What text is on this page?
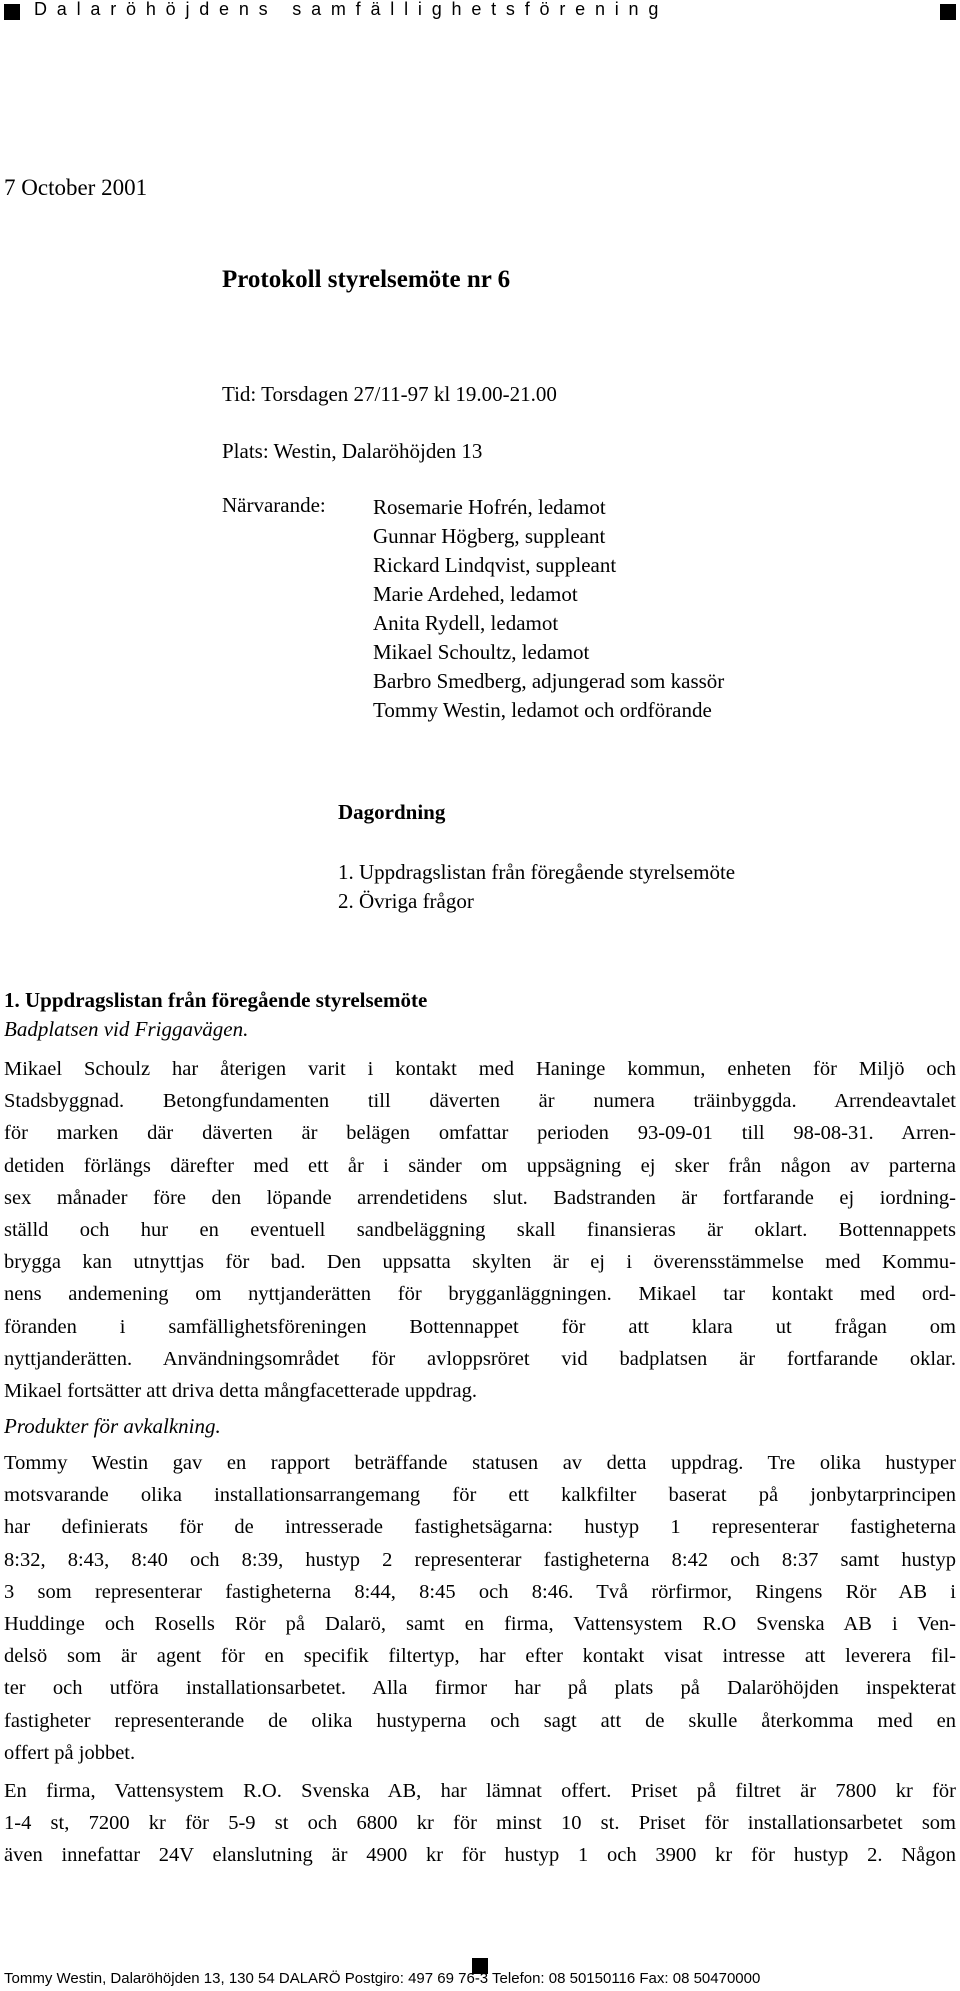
Dalaröhöjdens samfällighetsförening
7 October 2001
Protokoll styrelsemöte nr 6
Tid: Torsdagen 27/11-97 kl 19.00-21.00
Plats: Westin, Dalaröhöjden 13
Närvarande: Rosemarie Hofrén, ledamot
Gunnar Högberg, suppleant
Rickard Lindqvist, suppleant
Marie Ardehed, ledamot
Anita Rydell, ledamot
Mikael Schoultz, ledamot
Barbro Smedberg, adjungerad som kassör
Tommy Westin, ledamot och ordförande
Dagordning
1. Uppdragslistan från föregående styrelsemöte
2. Övriga frågor
1. Uppdragslistan från föregående styrelsemöte
Badplatsen vid Friggavägen.
Mikael Schoulz har återigen varit i kontakt med Haninge kommun, enheten för Miljö och
Stadsbyggnad. Betongfundamenten till däverten är numera träinbyggda. Arrendeavtalet
för marken där däverten är belägen omfattar perioden 93-09-01 till 98-08-31. Arren-
detiden förlängs därefter med ett år i sänder om uppsägning ej sker från någon av parterna
sex månader före den löpande arrendetidens slut. Badstranden är fortfarande ej iordning-
ställd och hur en eventuell sandbeläggning skall finansieras är oklart. Bottennappets
brygga kan utnyttjas för bad. Den uppsatta skylten är ej i överensstämmelse med Kommu-
nens andemening om nyttjanderätten för brygganläggningen. Mikael tar kontakt med ord-
föranden i samfällighetsföreningen Bottennappet för att klara ut frågan om
nyttjanderätten. Användningsområdet för avloppsröret vid badplatsen är fortfarande oklar.
Mikael fortsätter att driva detta mångfacetterade uppdrag.
Produkter för avkalkning.
Tommy Westin gav en rapport beträffande statusen av detta uppdrag. Tre olika hustyper
motsvarande olika installationsarrangemang för ett kalkfilter baserat på jonbytarprincipen
har definierats för de intresserade fastighetsägarna: hustyp 1 representerar fastigheterna
8:32, 8:43, 8:40 och 8:39, hustyp 2 representerar fastigheterna 8:42 och 8:37 samt hustyp
3 som representerar fastigheterna 8:44, 8:45 och 8:46. Två rörfirmor, Ringens Rör AB i
Huddinge och Rosells Rör på Dalarö, samt en firma, Vattensystem R.O Svenska AB i Ven-
delsö som är agent för en specifik filtertyp, har efter kontakt visat intresse att leverera fil-
ter och utföra installationsarbetet. Alla firmor har på plats på Dalaröhöjden inspekterat
fastigheter representerande de olika hustyperna och sagt att de skulle återkomma med en
offert på jobbet.
En firma, Vattensystem R.O. Svenska AB, har lämnat offert. Priset på filtret är 7800 kr för
1-4 st, 7200 kr för 5-9 st och 6800 kr för minst 10 st. Priset för installationsarbetet som
även innefattar 24V elanslutning är 4900 kr för hustyp 1 och 3900 kr för hustyp 2. Någon
Tommy Westin, Dalaröhöjden 13, 130 54 DALARÖ Postgiro: 497 69 76-3 Telefon: 08 50150116 Fax: 08 50470000
